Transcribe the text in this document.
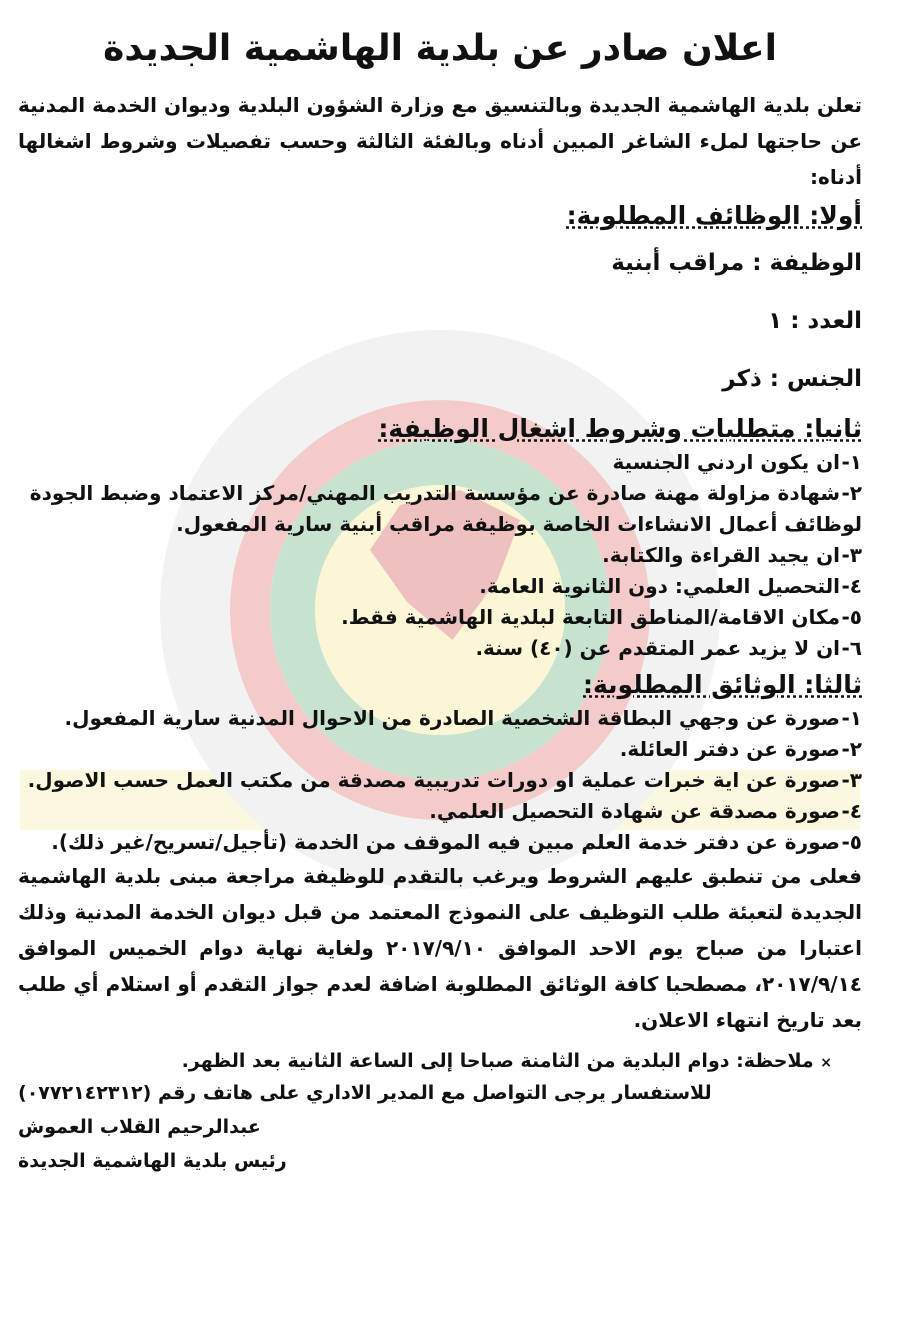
اعلان صادر عن بلدية الهاشمية الجديدة

تعلن بلدية الهاشمية الجديدة وبالتنسيق مع وزارة الشؤون البلدية وديوان الخدمة المدنية عن حاجتها لملء الشاغر المبين أدناه وبالفئة الثالثة وحسب تفصيلات وشروط اشغالها أدناه:

أولا: الوظائف المطلوبة:

الوظيفة : مراقب أبنية

العدد : ١

الجنس : ذكر

ثانيا: متطلبات وشروط اشغال الوظيفة:
١-ان يكون اردني الجنسية
٢-شهادة مزاولة مهنة صادرة عن مؤسسة التدريب المهني/مركز الاعتماد وضبط الجودة لوظائف أعمال الانشاءات الخاصة بوظيفة مراقب أبنية سارية المفعول.
٣-ان يجيد القراءة والكتابة.
٤-التحصيل العلمي: دون الثانوية العامة.
٥-مكان الاقامة/المناطق التابعة لبلدية الهاشمية فقط.
٦-ان لا يزيد عمر المتقدم عن (٤٠) سنة.
ثالثا: الوثائق المطلوبة:
١-صورة عن وجهي البطاقة الشخصية الصادرة من الاحوال المدنية سارية المفعول.
٢-صورة عن دفتر العائلة.
٣-صورة عن اية خبرات عملية او دورات تدريبية مصدقة من مكتب العمل حسب الاصول.
٤-صورة مصدقة عن شهادة التحصيل العلمي.
٥-صورة عن دفتر خدمة العلم مبين فيه الموقف من الخدمة (تأجيل/تسريح/غير ذلك).

فعلى من تنطبق عليهم الشروط ويرغب بالتقدم للوظيفة مراجعة مبنى بلدية الهاشمية الجديدة لتعبئة طلب التوظيف على النموذج المعتمد من قبل ديوان الخدمة المدنية وذلك اعتبارا من صباح يوم الاحد الموافق ٢٠١٧/٩/١٠ ولغاية نهاية دوام الخميس الموافق ٢٠١٧/٩/١٤، مصطحبا كافة الوثائق المطلوبة اضافة لعدم جواز التقدم أو استلام أي طلب بعد تاريخ انتهاء الاعلان.

× ملاحظة: دوام البلدية من الثامنة صباحا إلى الساعة الثانية بعد الظهر.

للاستفسار يرجى التواصل مع المدير الاداري على هاتف رقم (٠٧٧٢١٤٢٣١٢)

عبدالرحيم القلاب العموش
رئيس بلدية الهاشمية الجديدة
